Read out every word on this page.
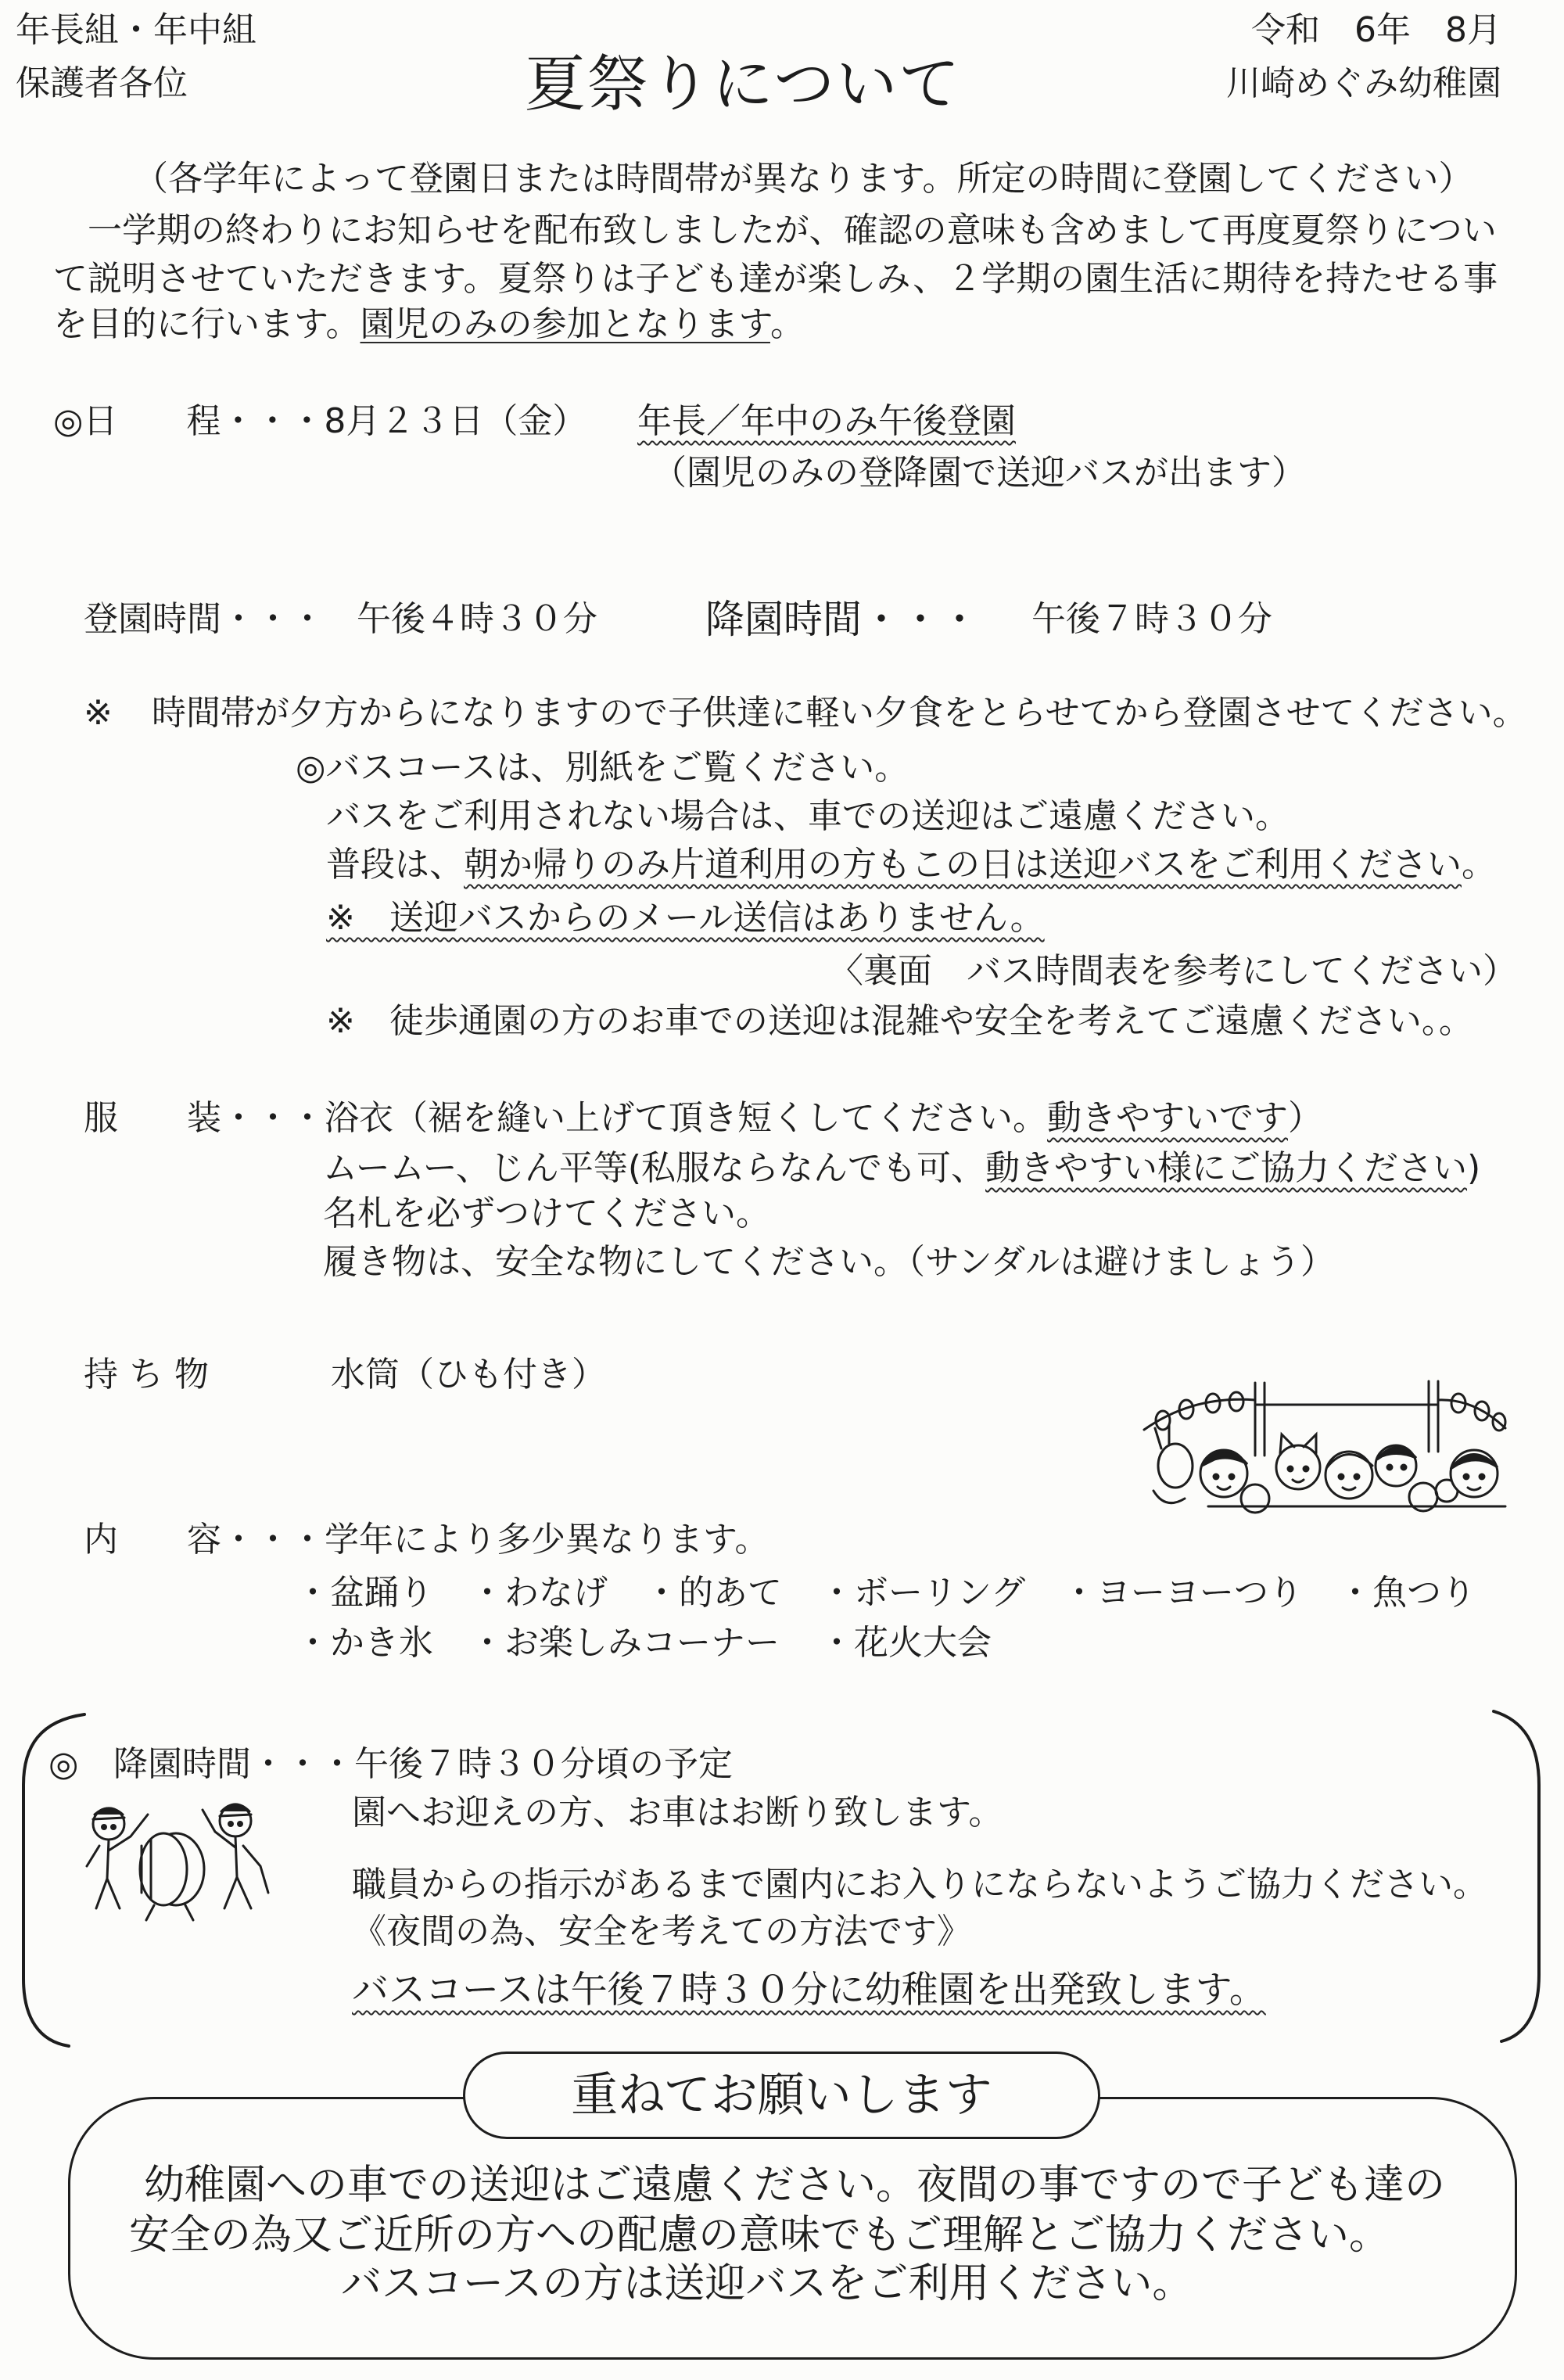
年長組・年中組
保護者各位	夏祭りについて
令和　6年　8月
川崎めぐみ幼稚園
（各学年によって登園日または時間帯が異なります。所定の時間に登園してください）
　一学期の終わりにお知らせを配布致しましたが、確認の意味も含めまして再度夏祭りについ
て説明させていただきます。夏祭りは子ども達が楽しみ、２学期の園生活に期待を持たせる事
を目的に行います。園児のみの参加となります。
◎日　　程・・・8月２３日（金） 年長／年中のみ午後登園
（園児のみの登降園で送迎バスが出ます）
登園時間・・・ 午後４時３０分	降園時間・・・ 午後７時３０分
※ 時間帯が夕方からになりますので子供達に軽い夕食をとらせてから登園させてください。
◎バスコースは、別紙をご覧ください。
バスをご利用されない場合は、車での送迎はご遠慮ください。
普段は、朝か帰りのみ片道利用の方もこの日は送迎バスをご利用ください。
※　送迎バスからのメール送信はありません。
〈裏面　バス時間表を参考にしてください）
※　徒歩通園の方のお車での送迎は混雑や安全を考えてご遠慮ください。。
服　　装・・・浴衣（裾を縫い上げて頂き短くしてください。動きやすいです）
ムームー、じん平等(私服ならなんでも可、動きやすい様にご協力ください)
名札を必ずつけてください。
履き物は、安全な物にしてください。（サンダルは避けましょう）
持 ち 物	水筒（ひも付き）
内　　容・・・学年により多少異なります。
・盆踊り ・わなげ ・的あて ・ボーリング ・ヨーヨーつり ・魚つり
・かき氷 ・お楽しみコーナー ・花火大会
◎ 降園時間・・・午後７時３０分頃の予定
園へお迎えの方、お車はお断り致します。
職員からの指示があるまで園内にお入りにならないようご協力ください。
《夜間の為、安全を考えての方法です》
バスコースは午後７時３０分に幼稚園を出発致します。
重ねてお願いします
幼稚園への車での送迎はご遠慮ください。夜間の事ですので子ども達の
安全の為又ご近所の方への配慮の意味でもご理解とご協力ください。
バスコースの方は送迎バスをご利用ください。
